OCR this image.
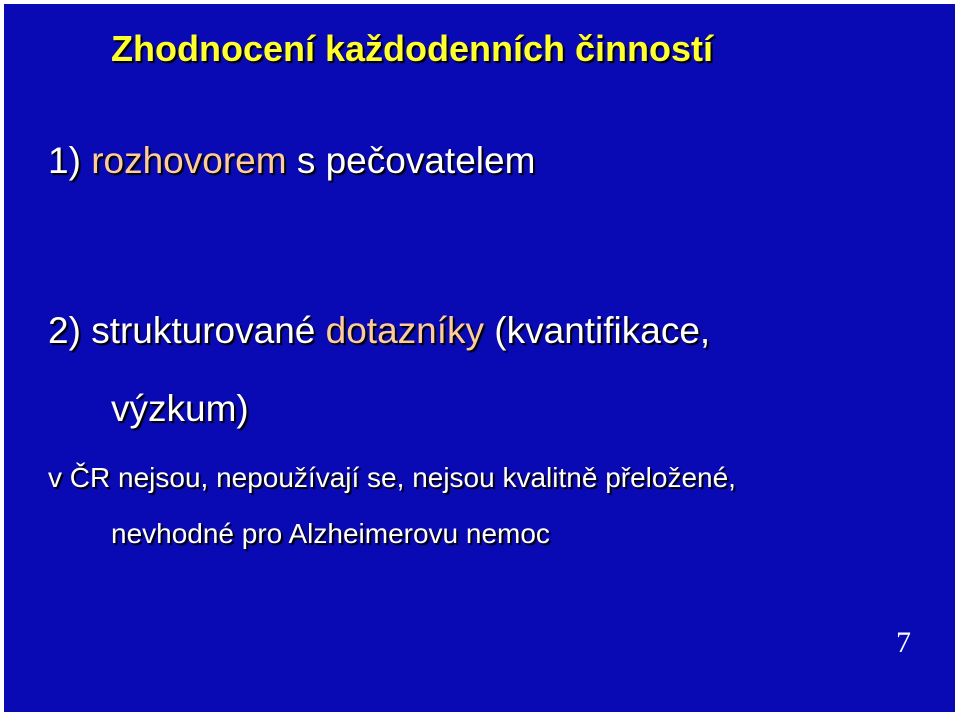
Zhodnocení každodenních činností
1) rozhovorem s pečovatelem
2) strukturované dotazníky (kvantifikace,
výzkum)
v ČR nejsou, nepoužívají se, nejsou kvalitně přeložené,
nevhodné pro Alzheimerovu nemoc
7
